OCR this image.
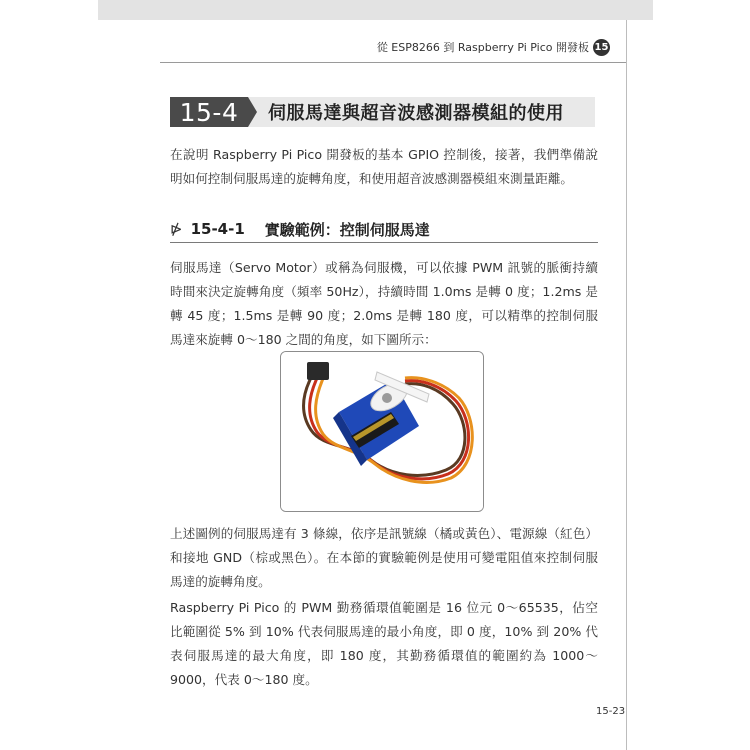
從 ESP8266 到 Raspberry Pi Pico 開發板 15
15-4 伺服馬達與超音波感測器模組的使用

在說明 Raspberry Pi Pico 開發板的基本 GPIO 控制後，接著，我們準備說明如何控制伺服馬達的旋轉角度，和使用超音波感測器模組來測量距離。

⋫ 15-4-1 實驗範例：控制伺服馬達

伺服馬達（Servo Motor）或稱為伺服機，可以依據 PWM 訊號的脈衝持續時間來決定旋轉角度（頻率 50Hz），持續時間 1.0ms 是轉 0 度；1.2ms 是轉 45 度；1.5ms 是轉 90 度；2.0ms 是轉 180 度，可以精準的控制伺服馬達來旋轉 0～180 之間的角度，如下圖所示：

上述圖例的伺服馬達有 3 條線，依序是訊號線（橘或黃色）、電源線（紅色）和接地 GND（棕或黑色）。在本節的實驗範例是使用可變電阻值來控制伺服馬達的旋轉角度。

Raspberry Pi Pico 的 PWM 勤務循環值範圍是 16 位元 0～65535，佔空比範圍從 5% 到 10% 代表伺服馬達的最小角度，即 0 度，10% 到 20% 代表伺服馬達的最大角度，即 180 度，其勤務循環值的範圍約為 1000～9000，代表 0～180 度。

15-23
